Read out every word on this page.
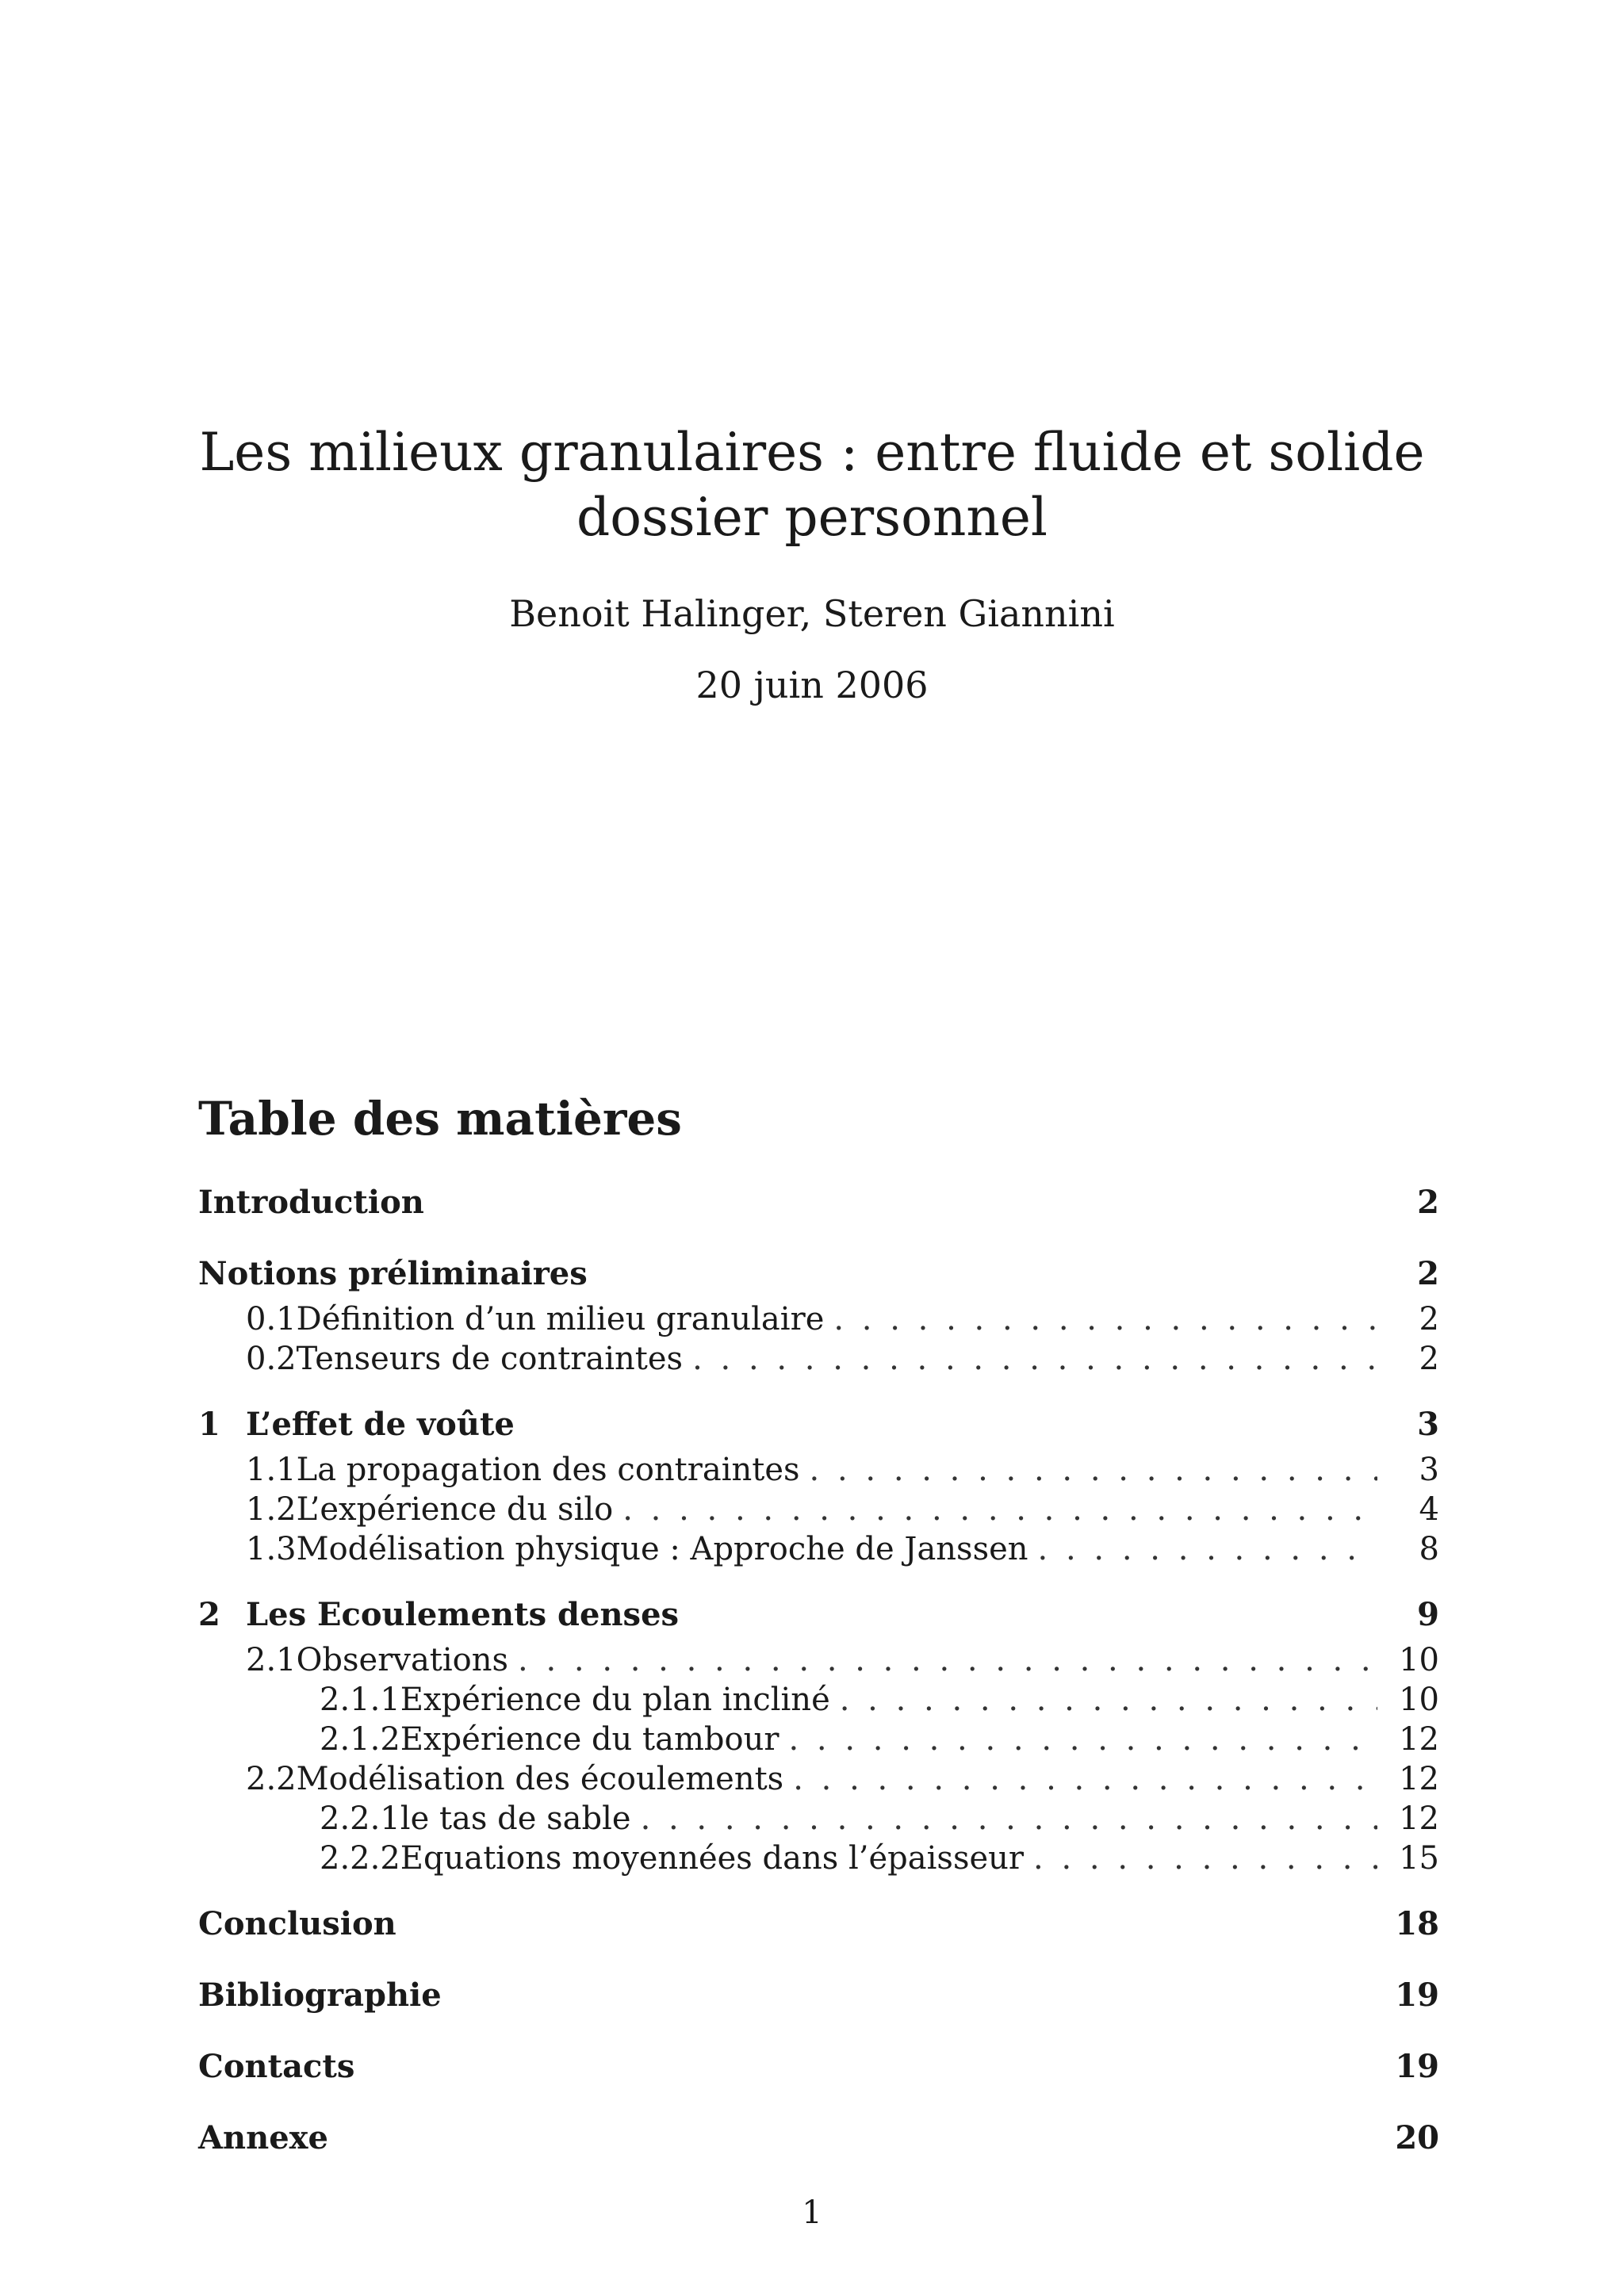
Les milieux granulaires : entre fluide et solide
dossier personnel
Benoit Halinger, Steren Giannini
20 juin 2006
Table des matières
Introduction	2
Notions préliminaires	2
0.1 Définition d’un milieu granulaire . . .	2
0.2 Tenseurs de contraintes . . .	2
1 L’effet de voûte	3
1.1 La propagation des contraintes . . .	3
1.2 L’expérience du silo . . .	4
1.3 Modélisation physique : Approche de Janssen . . .	8
2 Les Ecoulements denses	9
2.1 Observations . . .	10
2.1.1 Expérience du plan incliné . . .	10
2.1.2 Expérience du tambour . . .	12
2.2 Modélisation des écoulements . . .	12
2.2.1 le tas de sable . . .	12
2.2.2 Equations moyennées dans l’épaisseur . . .	15
Conclusion	18
Bibliographie	19
Contacts	19
Annexe	20
1
